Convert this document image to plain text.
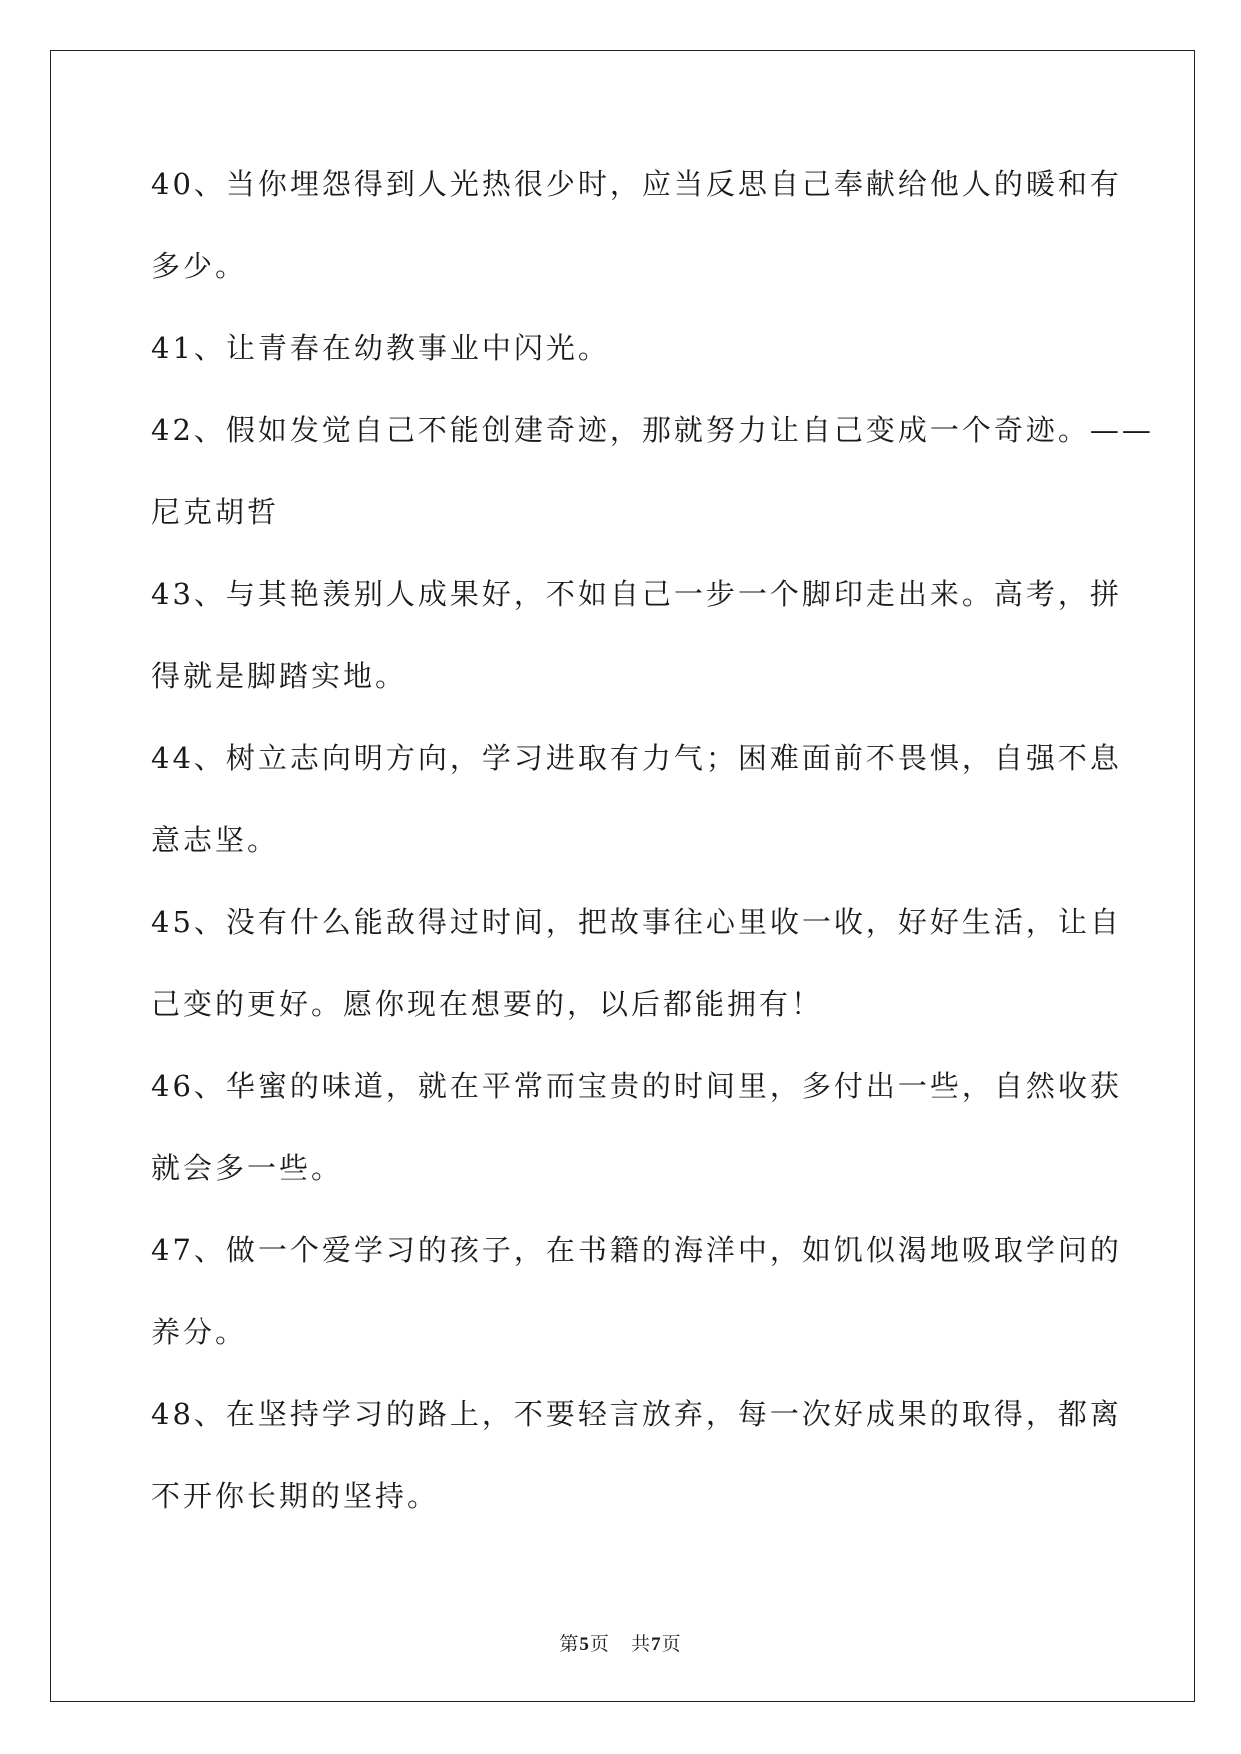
40、当你埋怨得到人光热很少时，应当反思自己奉献给他人的暖和有
多少。
41、让青春在幼教事业中闪光。
42、假如发觉自己不能创建奇迹，那就努力让自己变成一个奇迹。——
尼克胡哲
43、与其艳羡别人成果好，不如自己一步一个脚印走出来。高考，拼
得就是脚踏实地。
44、树立志向明方向，学习进取有力气；困难面前不畏惧，自强不息
意志坚。
45、没有什么能敌得过时间，把故事往心里收一收，好好生活，让自
己变的更好。愿你现在想要的，以后都能拥有！
46、华蜜的味道，就在平常而宝贵的时间里，多付出一些，自然收获
就会多一些。
47、做一个爱学习的孩子，在书籍的海洋中，如饥似渴地吸取学问的
养分。
48、在坚持学习的路上，不要轻言放弃，每一次好成果的取得，都离
不开你长期的坚持。
第5页 共7页
